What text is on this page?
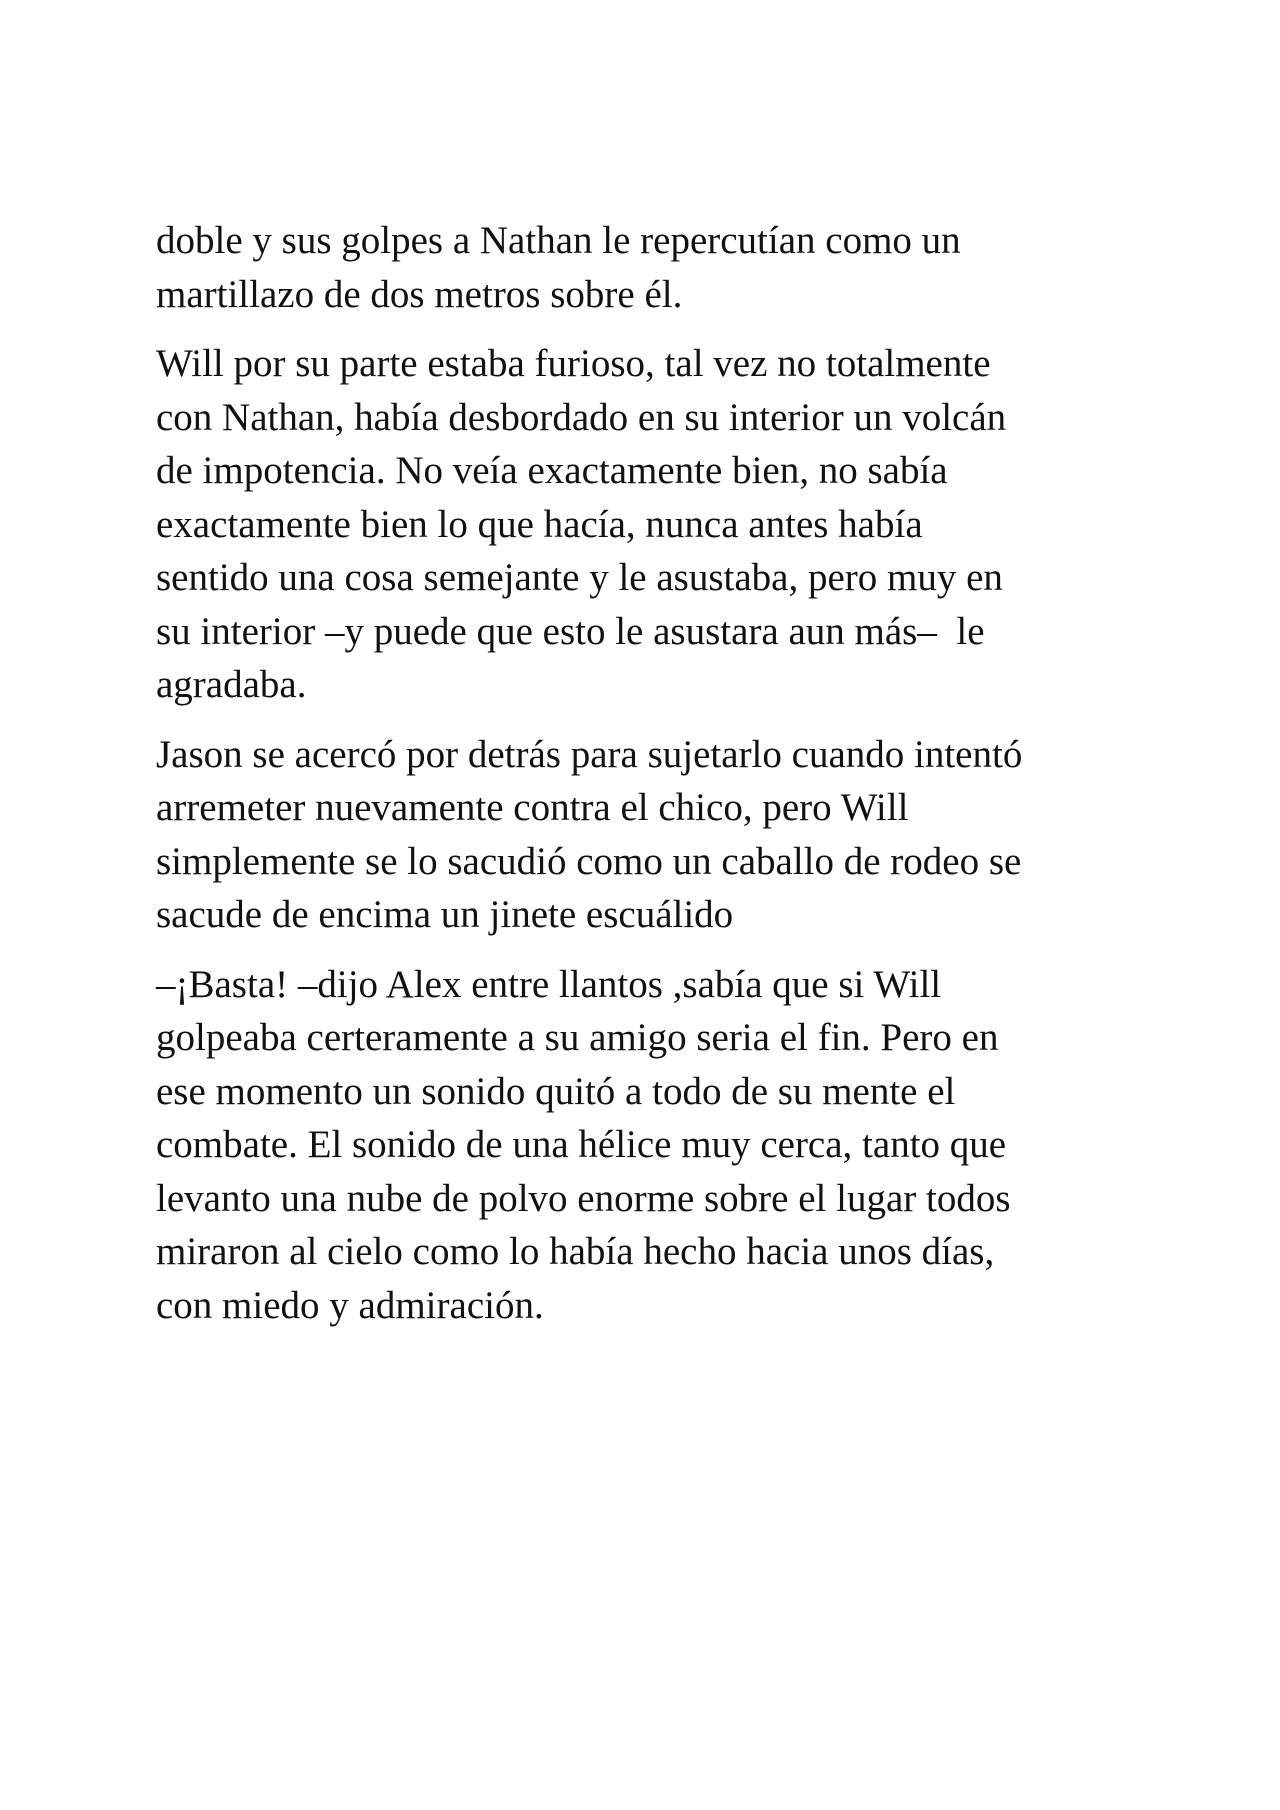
doble y sus golpes a Nathan le repercutían como un
martillazo de dos metros sobre él.

Will por su parte estaba furioso, tal vez no totalmente
con Nathan, había desbordado en su interior un volcán
de impotencia. No veía exactamente bien, no sabía
exactamente bien lo que hacía, nunca antes había
sentido una cosa semejante y le asustaba, pero muy en
su interior –y puede que esto le asustara aun más–  le
agradaba.

Jason se acercó por detrás para sujetarlo cuando intentó
arremeter nuevamente contra el chico, pero Will
simplemente se lo sacudió como un caballo de rodeo se
sacude de encima un jinete escuálido

–¡Basta! –dijo Alex entre llantos ,sabía que si Will
golpeaba certeramente a su amigo seria el fin. Pero en
ese momento un sonido quitó a todo de su mente el
combate. El sonido de una hélice muy cerca, tanto que
levanto una nube de polvo enorme sobre el lugar todos
miraron al cielo como lo había hecho hacia unos días,
con miedo y admiración.
